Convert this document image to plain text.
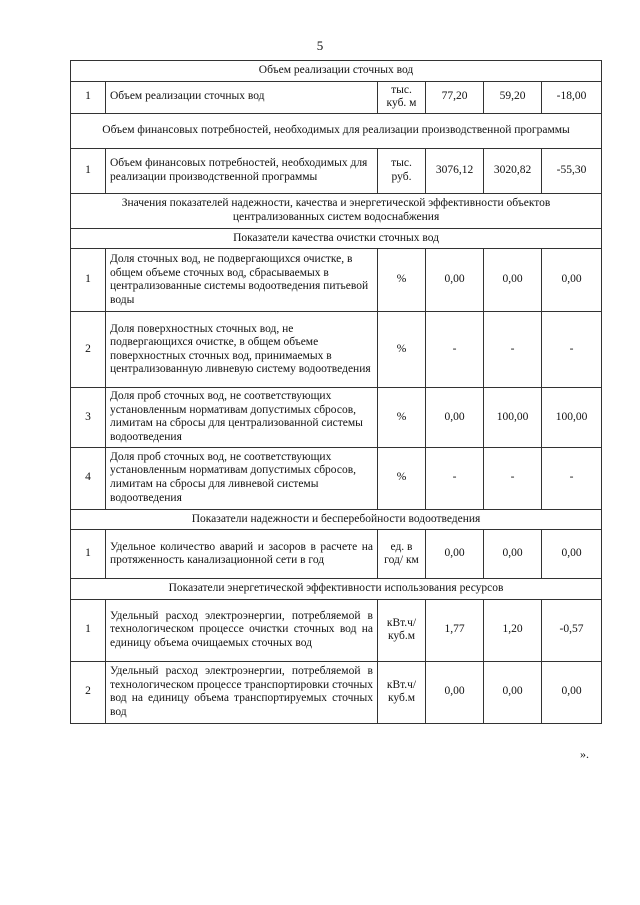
5
Объем реализации сточных вод					
1	Объем реализации сточных вод	тыс. куб. м	77,20	59,20	-18,00
Объем финансовых потребностей, необходимых для реализации производственной программы					
1	Объем финансовых потребностей, необходимых для реализации производственной программы	тыс. руб.	3076,12	3020,82	-55,30
Значения показателей надежности, качества и энергетической эффективности объектов централизованных систем водоснабжения					
Показатели качества очистки сточных вод					
1	Доля сточных вод, не подвергающихся очистке, в общем объеме сточных вод, сбрасываемых в централизованные системы водоотведения питьевой воды	%	0,00	0,00	0,00
2	Доля поверхностных сточных вод, не подвергающихся очистке, в общем объеме поверхностных сточных вод, принимаемых в централизованную ливневую систему водоотведения	%	-	-	-
3	Доля проб сточных вод, не соответствующих установленным нормативам допустимых сбросов, лимитам на сбросы для централизованной системы водоотведения	%	0,00	100,00	100,00
4	Доля проб сточных вод, не соответствующих установленным нормативам допустимых сбросов, лимитам на сбросы для ливневой системы водоотведения	%	-	-	-
Показатели надежности и бесперебойности водоотведения					
1	Удельное количество аварий и засоров в расчете на протяженность канализационной сети в год	ед. в год/ км	0,00	0,00	0,00
Показатели энергетической эффективности использования ресурсов					
1	Удельный расход электроэнергии, потребляемой в технологическом процессе очистки сточных вод на единицу объема очищаемых сточных вод	кВт.ч/ куб.м	1,77	1,20	-0,57
2	Удельный расход электроэнергии, потребляемой в технологическом процессе транспортировки сточных вод на единицу объема транспортируемых сточных вод	кВт.ч/ куб.м	0,00	0,00	0,00
».
